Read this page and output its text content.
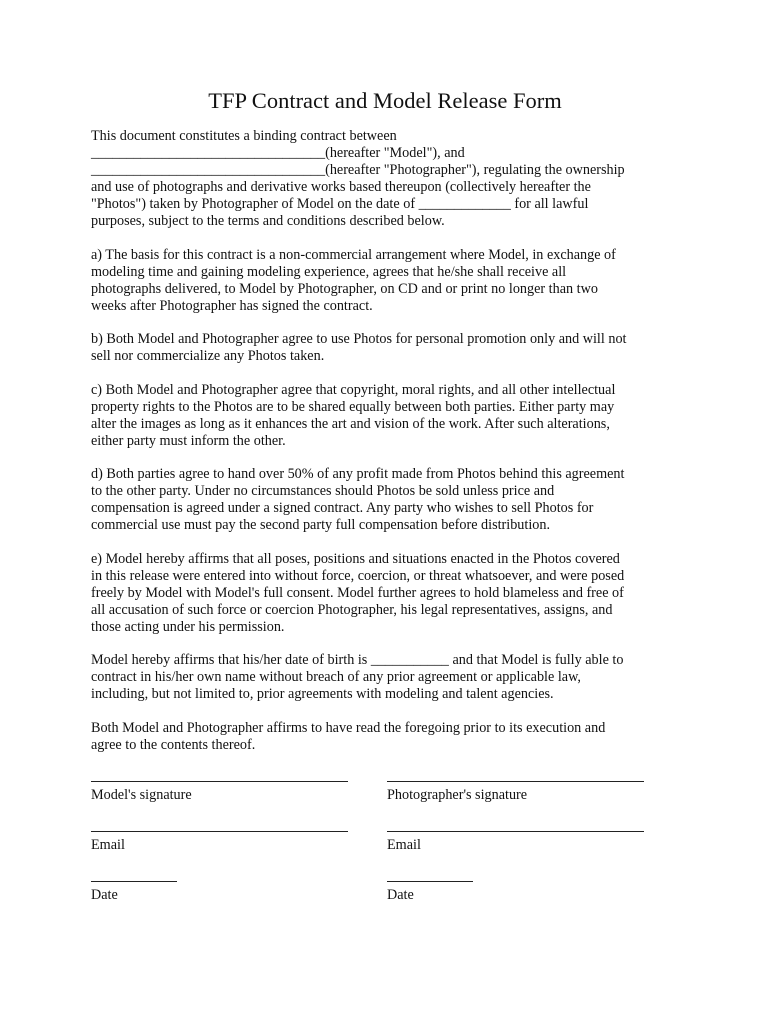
TFP Contract and Model Release Form

This document constitutes a binding contract between
_________________________________(hereafter "Model"), and
_________________________________(hereafter "Photographer"), regulating the ownership
and use of photographs and derivative works based thereupon (collectively hereafter the
"Photos") taken by Photographer of Model on the date of _____________ for all lawful
purposes, subject to the terms and conditions described below.

a) The basis for this contract is a non-commercial arrangement where Model, in exchange of
modeling time and gaining modeling experience, agrees that he/she shall receive all
photographs delivered, to Model by Photographer, on CD and or print no longer than two
weeks after Photographer has signed the contract.

b) Both Model and Photographer agree to use Photos for personal promotion only and will not
sell nor commercialize any Photos taken.

c) Both Model and Photographer agree that copyright, moral rights, and all other intellectual
property rights to the Photos are to be shared equally between both parties. Either party may
alter the images as long as it enhances the art and vision of the work. After such alterations,
either party must inform the other.

d) Both parties agree to hand over 50% of any profit made from Photos behind this agreement
to the other party. Under no circumstances should Photos be sold unless price and
compensation is agreed under a signed contract. Any party who wishes to sell Photos for
commercial use must pay the second party full compensation before distribution.

e) Model hereby affirms that all poses, positions and situations enacted in the Photos covered
in this release were entered into without force, coercion, or threat whatsoever, and were posed
freely by Model with Model's full consent. Model further agrees to hold blameless and free of
all accusation of such force or coercion Photographer, his legal representatives, assigns, and
those acting under his permission.

Model hereby affirms that his/her date of birth is ___________ and that Model is fully able to
contract in his/her own name without breach of any prior agreement or applicable law,
including, but not limited to, prior agreements with modeling and talent agencies.

Both Model and Photographer affirms to have read the foregoing prior to its execution and
agree to the contents thereof.

Model's signature	Photographer's signature
Email	Email
Date	Date
